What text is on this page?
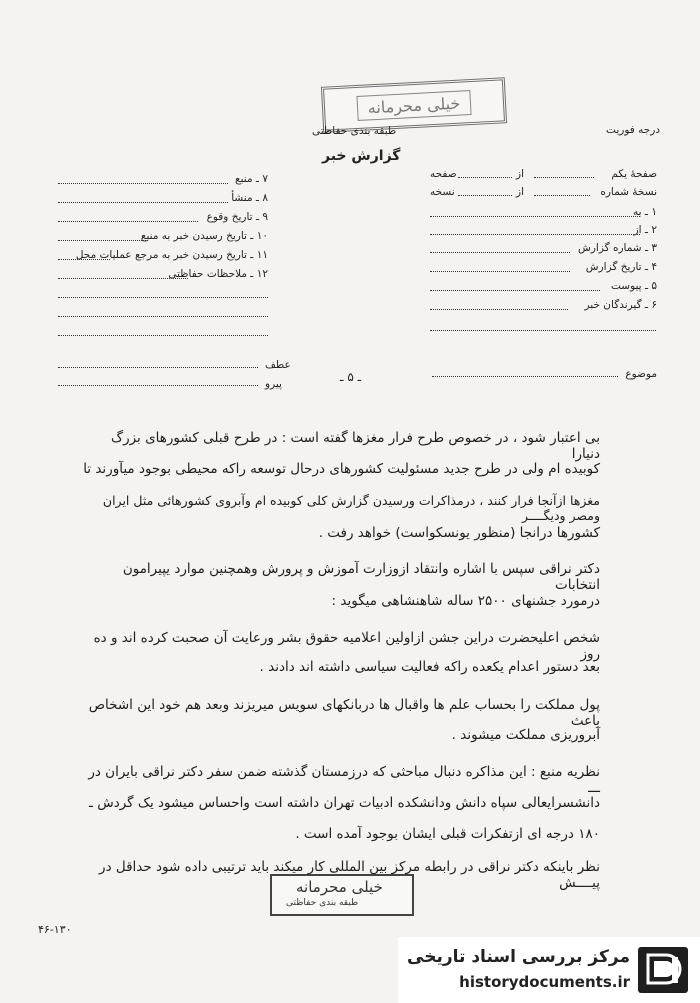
خیلی محرمانه
درجه فوریت
طبقه بندی حفاظتی
گزارش خبر
صفحهٔ یکم
از
صفحه
نسخهٔ شماره
از
نسخه
۱ ـ به
۲ ـ از
۳ ـ شماره گزارش
۴ ـ تاریخ گزارش
۵ ـ پیوست
۶ ـ گیرندگان خبر
۷ ـ منبع
۸ ـ منشأ
۹ ـ تاریخ وقوع
۱۰ ـ تاریخ رسیدن خبر به منبع
۱۱ ـ تاریخ رسیدن خبر به مرجع عملیات محل
۱۲ ـ ملاحظات حفاظتی
موضوع
ـ ۵ ـ
عطف
پیرو
بی اعتبار شود ، در خصوص طرح فرار مغزها گفته است : در طرح قبلی کشورهای بزرگ دنیارا
کوبیده ام ولی در طرح جدید مسئولیت کشورهای درحال توسعه راکه محیطی بوجود میآورند تا
مغزها ازآنجا فرار کنند ، درمذاکرات ورسیدن گزارش کلی کوبیده ام وآبروی کشورهائی مثل ایران ومصر ودیگــــر
کشورها درانجا (منظور یونسکواست) خواهد رفت .
دکتر نراقی سپس با اشاره وانتقاد ازوزارت آموزش و پرورش وهمچنین موارد یپیرامون انتخابات
درمورد جشنهای ۲۵۰۰ ساله شاهنشاهی میگوید :
شخص اعلیحضرت دراین جشن ازاولین اعلامیه حقوق بشر ورعایت آن صحبت کرده اند و ده روز
بعد دستور اعدام یکعده راکه فعالیت سیاسی داشته اند دادند .
پول مملکت را بحساب علم ها واقبال ها دربانکهای سویس میریزند وبعد هم خود این اشخاص باعث
آبروریزی مملکت میشوند .
نظریه منبع : این مذاکره دنبال مباحثی که درزمستان گذشته ضمن سفر دکتر نراقی بایران در ـــ
دانشسرایعالی سپاه دانش ودانشکده ادبیات تهران داشته است واحساس میشود یک گردش ـ
۱۸۰ درجه ای ازتفکرات قبلی ایشان بوجود آمده است .
نظر باینکه دکتر نراقی در رابطه مرکز بین المللی کار میکند باید ترتیبی داده شود حداقل در پیــــش
خیلی محرمانه
طبقه بندی حفاظتی
۴۶-۱۳۰
مرکز بررسی اسناد تاریخی
historydocuments.ir
